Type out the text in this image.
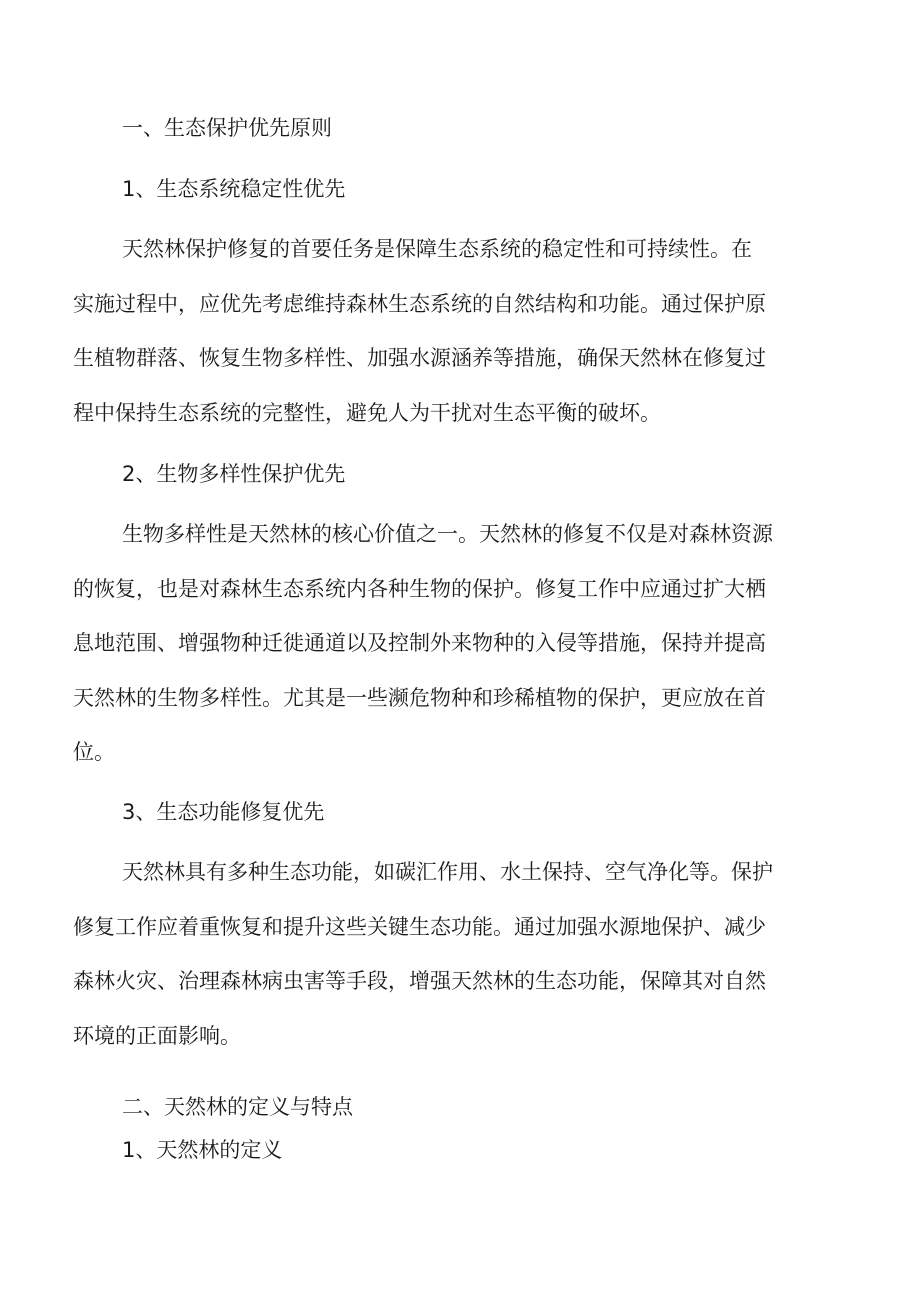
一、生态保护优先原则
1、生态系统稳定性优先
天然林保护修复的首要任务是保障生态系统的稳定性和可持续性。在
实施过程中，应优先考虑维持森林生态系统的自然结构和功能。通过保护原
生植物群落、恢复生物多样性、加强水源涵养等措施，确保天然林在修复过
程中保持生态系统的完整性，避免人为干扰对生态平衡的破坏。
2、生物多样性保护优先
生物多样性是天然林的核心价值之一。天然林的修复不仅是对森林资源
的恢复，也是对森林生态系统内各种生物的保护。修复工作中应通过扩大栖
息地范围、增强物种迁徙通道以及控制外来物种的入侵等措施，保持并提高
天然林的生物多样性。尤其是一些濒危物种和珍稀植物的保护，更应放在首
位。
3、生态功能修复优先
天然林具有多种生态功能，如碳汇作用、水土保持、空气净化等。保护
修复工作应着重恢复和提升这些关键生态功能。通过加强水源地保护、减少
森林火灾、治理森林病虫害等手段，增强天然林的生态功能，保障其对自然
环境的正面影响。
二、天然林的定义与特点
1、天然林的定义
